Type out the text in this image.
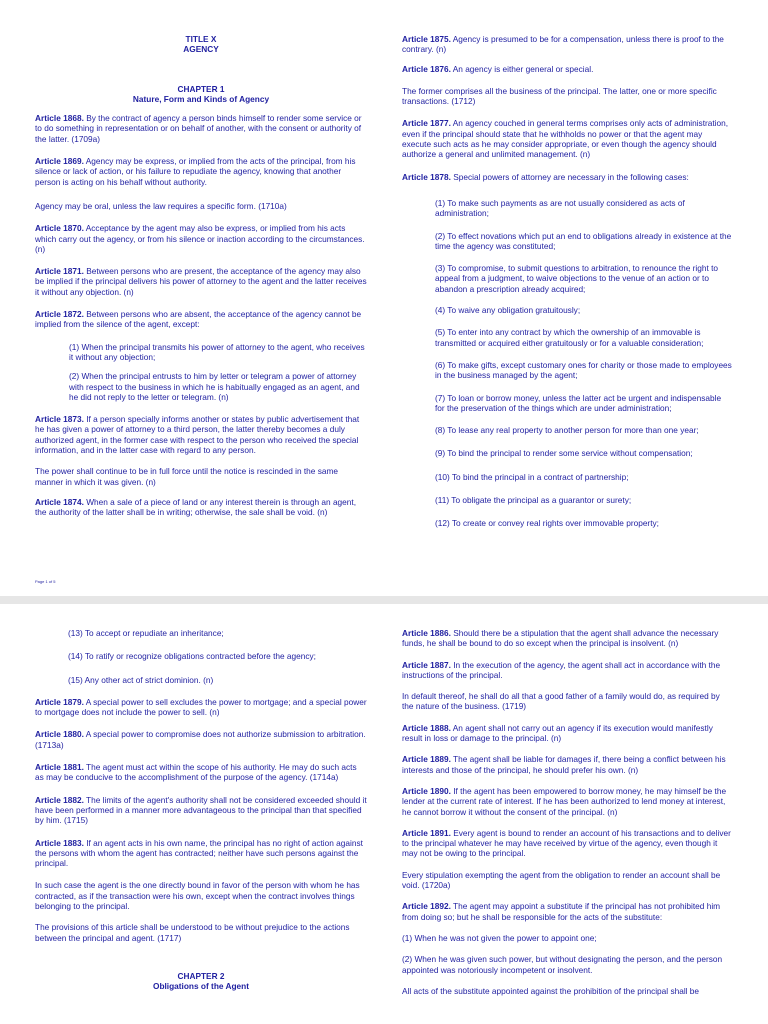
TITLE X
AGENCY
CHAPTER 1
Nature, Form and Kinds of Agency
Article 1868. By the contract of agency a person binds himself to render some service or to do something in representation or on behalf of another, with the consent or authority of the latter. (1709a)
Article 1869. Agency may be express, or implied from the acts of the principal, from his silence or lack of action, or his failure to repudiate the agency, knowing that another person is acting on his behalf without authority.
Agency may be oral, unless the law requires a specific form. (1710a)
Article 1870. Acceptance by the agent may also be express, or implied from his acts which carry out the agency, or from his silence or inaction according to the circumstances. (n)
Article 1871. Between persons who are present, the acceptance of the agency may also be implied if the principal delivers his power of attorney to the agent and the latter receives it without any objection. (n)
Article 1872. Between persons who are absent, the acceptance of the agency cannot be implied from the silence of the agent, except:
(1) When the principal transmits his power of attorney to the agent, who receives it without any objection;
(2) When the principal entrusts to him by letter or telegram a power of attorney with respect to the business in which he is habitually engaged as an agent, and he did not reply to the letter or telegram. (n)
Article 1873. If a person specially informs another or states by public advertisement that he has given a power of attorney to a third person, the latter thereby becomes a duly authorized agent, in the former case with respect to the person who received the special information, and in the latter case with regard to any person.
The power shall continue to be in full force until the notice is rescinded in the same manner in which it was given. (n)
Article 1874. When a sale of a piece of land or any interest therein is through an agent, the authority of the latter shall be in writing; otherwise, the sale shall be void. (n)
Article 1875. Agency is presumed to be for a compensation, unless there is proof to the contrary. (n)
Article 1876. An agency is either general or special.
The former comprises all the business of the principal. The latter, one or more specific transactions. (1712)
Article 1877. An agency couched in general terms comprises only acts of administration, even if the principal should state that he withholds no power or that the agent may execute such acts as he may consider appropriate, or even though the agency should authorize a general and unlimited management. (n)
Article 1878. Special powers of attorney are necessary in the following cases:
(1) To make such payments as are not usually considered as acts of administration;
(2) To effect novations which put an end to obligations already in existence at the time the agency was constituted;
(3) To compromise, to submit questions to arbitration, to renounce the right to appeal from a judgment, to waive objections to the venue of an action or to abandon a prescription already acquired;
(4) To waive any obligation gratuitously;
(5) To enter into any contract by which the ownership of an immovable is transmitted or acquired either gratuitously or for a valuable consideration;
(6) To make gifts, except customary ones for charity or those made to employees in the business managed by the agent;
(7) To loan or borrow money, unless the latter act be urgent and indispensable for the preservation of the things which are under administration;
(8) To lease any real property to another person for more than one year;
(9) To bind the principal to render some service without compensation;
(10) To bind the principal in a contract of partnership;
(11) To obligate the principal as a guarantor or surety;
(12) To create or convey real rights over immovable property;
Page 1 of 5
(13) To accept or repudiate an inheritance;
(14) To ratify or recognize obligations contracted before the agency;
(15) Any other act of strict dominion. (n)
Article 1879. A special power to sell excludes the power to mortgage; and a special power to mortgage does not include the power to sell. (n)
Article 1880. A special power to compromise does not authorize submission to arbitration. (1713a)
Article 1881. The agent must act within the scope of his authority. He may do such acts as may be conducive to the accomplishment of the purpose of the agency. (1714a)
Article 1882. The limits of the agent's authority shall not be considered exceeded should it have been performed in a manner more advantageous to the principal than that specified by him. (1715)
Article 1883. If an agent acts in his own name, the principal has no right of action against the persons with whom the agent has contracted; neither have such persons against the principal.
In such case the agent is the one directly bound in favor of the person with whom he has contracted, as if the transaction were his own, except when the contract involves things belonging to the principal.
The provisions of this article shall be understood to be without prejudice to the actions between the principal and agent. (1717)
CHAPTER 2
Obligations of the Agent
Article 1886. Should there be a stipulation that the agent shall advance the necessary funds, he shall be bound to do so except when the principal is insolvent. (n)
Article 1887. In the execution of the agency, the agent shall act in accordance with the instructions of the principal.
In default thereof, he shall do all that a good father of a family would do, as required by the nature of the business. (1719)
Article 1888. An agent shall not carry out an agency if its execution would manifestly result in loss or damage to the principal. (n)
Article 1889. The agent shall be liable for damages if, there being a conflict between his interests and those of the principal, he should prefer his own. (n)
Article 1890. If the agent has been empowered to borrow money, he may himself be the lender at the current rate of interest. If he has been authorized to lend money at interest, he cannot borrow it without the consent of the principal. (n)
Article 1891. Every agent is bound to render an account of his transactions and to deliver to the principal whatever he may have received by virtue of the agency, even though it may not be owing to the principal.
Every stipulation exempting the agent from the obligation to render an account shall be void. (1720a)
Article 1892. The agent may appoint a substitute if the principal has not prohibited him from doing so; but he shall be responsible for the acts of the substitute:
(1) When he was not given the power to appoint one;
(2) When he was given such power, but without designating the person, and the person appointed was notoriously incompetent or insolvent.
All acts of the substitute appointed against the prohibition of the principal shall be
